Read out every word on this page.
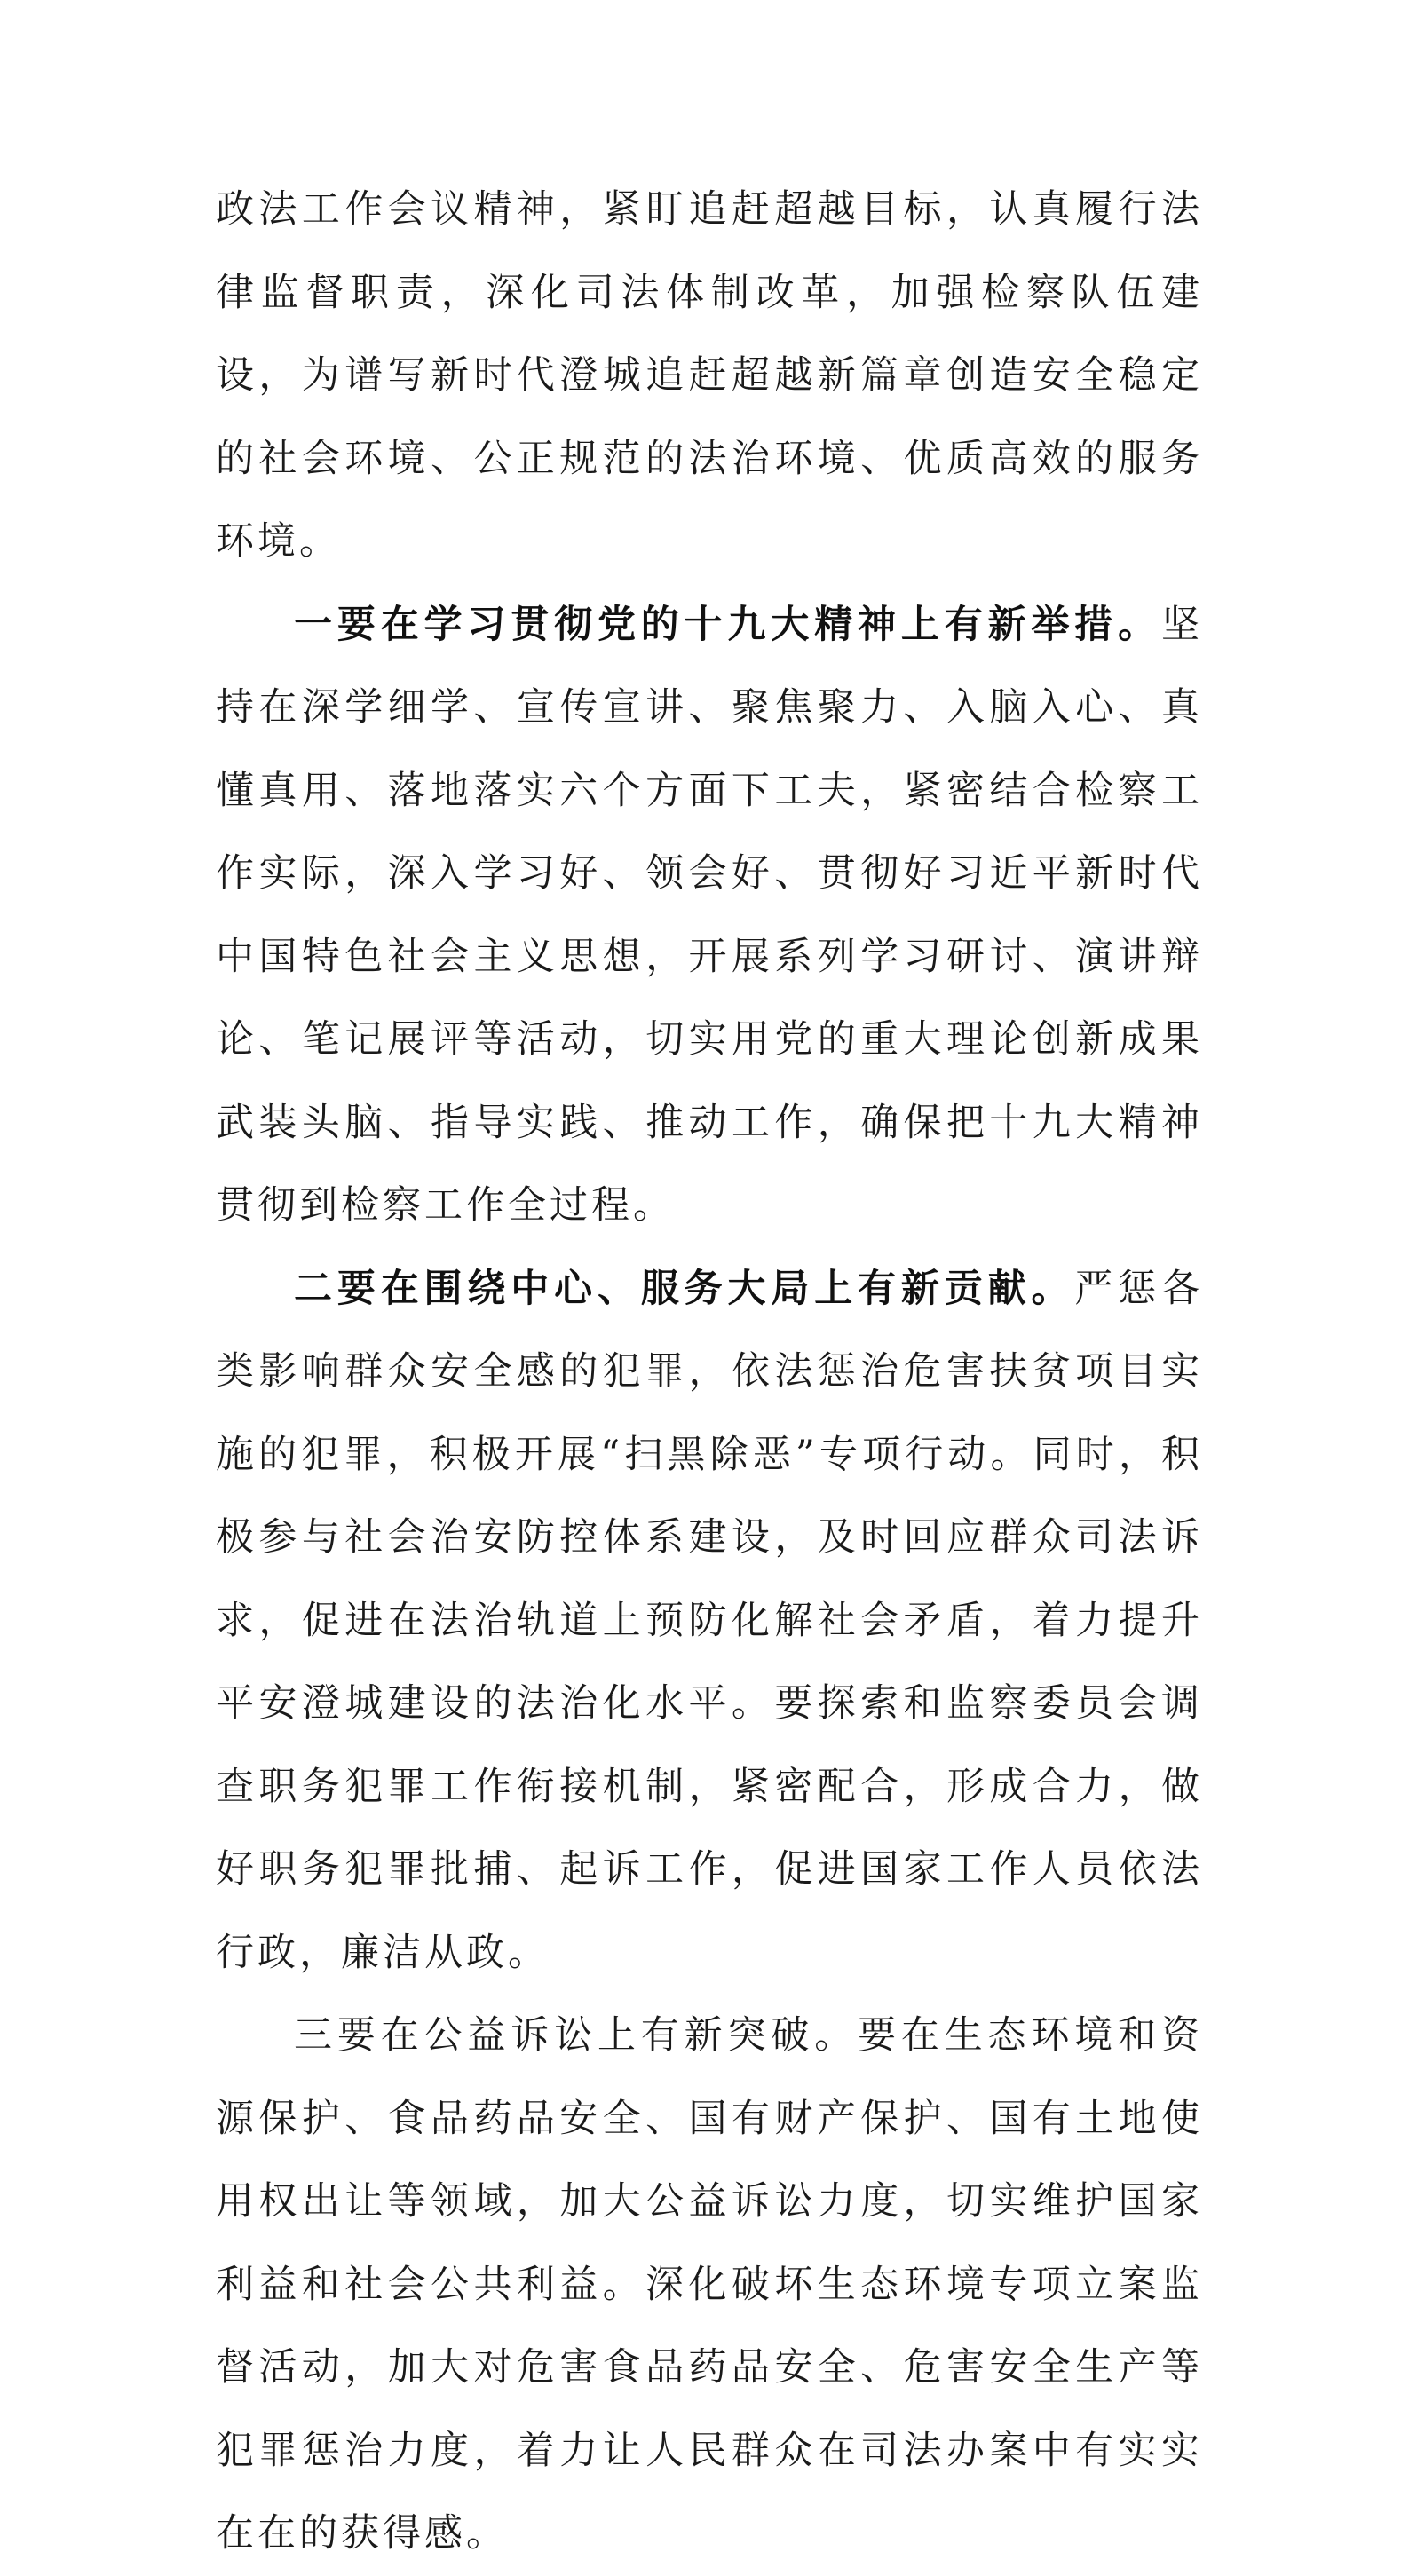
政法工作会议精神，紧盯追赶超越目标，认真履行法律监督职责，深化司法体制改革，加强检察队伍建设，为谱写新时代澄城追赶超越新篇章创造安全稳定的社会环境、公正规范的法治环境、优质高效的服务环境。

一要在学习贯彻党的十九大精神上有新举措。坚持在深学细学、宣传宣讲、聚焦聚力、入脑入心、真懂真用、落地落实六个方面下工夫，紧密结合检察工作实际，深入学习好、领会好、贯彻好习近平新时代中国特色社会主义思想，开展系列学习研讨、演讲辩论、笔记展评等活动，切实用党的重大理论创新成果武装头脑、指导实践、推动工作，确保把十九大精神贯彻到检察工作全过程。

二要在围绕中心、服务大局上有新贡献。严惩各类影响群众安全感的犯罪，依法惩治危害扶贫项目实施的犯罪，积极开展“扫黑除恶”专项行动。同时，积极参与社会治安防控体系建设，及时回应群众司法诉求，促进在法治轨道上预防化解社会矛盾，着力提升平安澄城建设的法治化水平。要探索和监察委员会调查职务犯罪工作衔接机制，紧密配合，形成合力，做好职务犯罪批捕、起诉工作，促进国家工作人员依法行政，廉洁从政。

三要在公益诉讼上有新突破。要在生态环境和资源保护、食品药品安全、国有财产保护、国有土地使用权出让等领域，加大公益诉讼力度，切实维护国家利益和社会公共利益。深化破坏生态环境专项立案监督活动，加大对危害食品药品安全、危害安全生产等犯罪惩治力度，着力让人民群众在司法办案中有实实在在的获得感。
